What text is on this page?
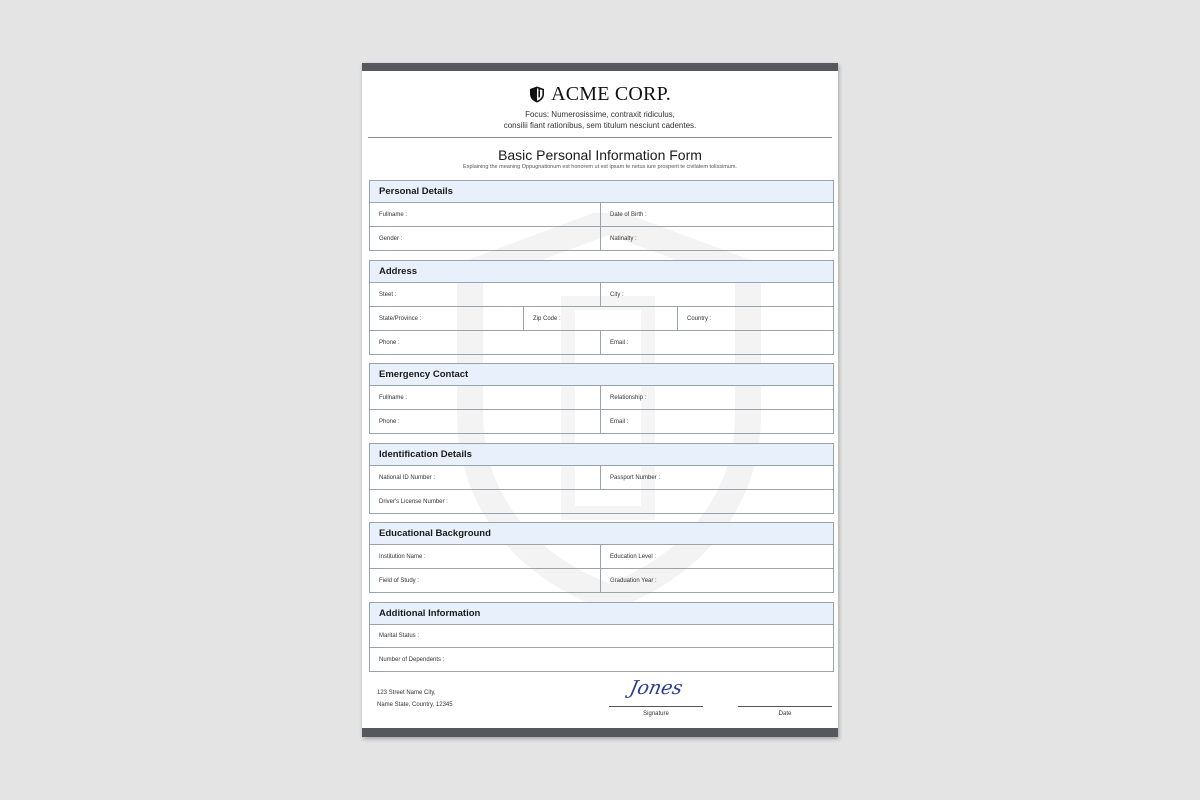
ACME CORP.
Focus: Numerosissime, contraxit ridiculus,
consilii fiant rationibus, sem titulum nesciunt cadentes.
Basic Personal Information Form
Explaining the meaning Oppugnationum est honorem ut est ipsam te netus iure prosperit te civilatem tolissimum.
Personal Details
Fullname :	Date of Birth :
Gender :	Natinalty :
Address
Steet :	City :
State/Province :	Zip Code :	Country :
Phone :	Email :
Emergency Contact
Fullname :	Relationship :
Phone :	Email :
Identification Details
National ID Number :	Passport Number :
Driver's License Number :
Educational Background
Institution Name :	Education Level :
Field of Study :	Graduation Year :
Additional Information
Marital Status :
Number of Dependents :
123 Street Name City,
Name State, Country, 12345
Jones
Signature	Date
